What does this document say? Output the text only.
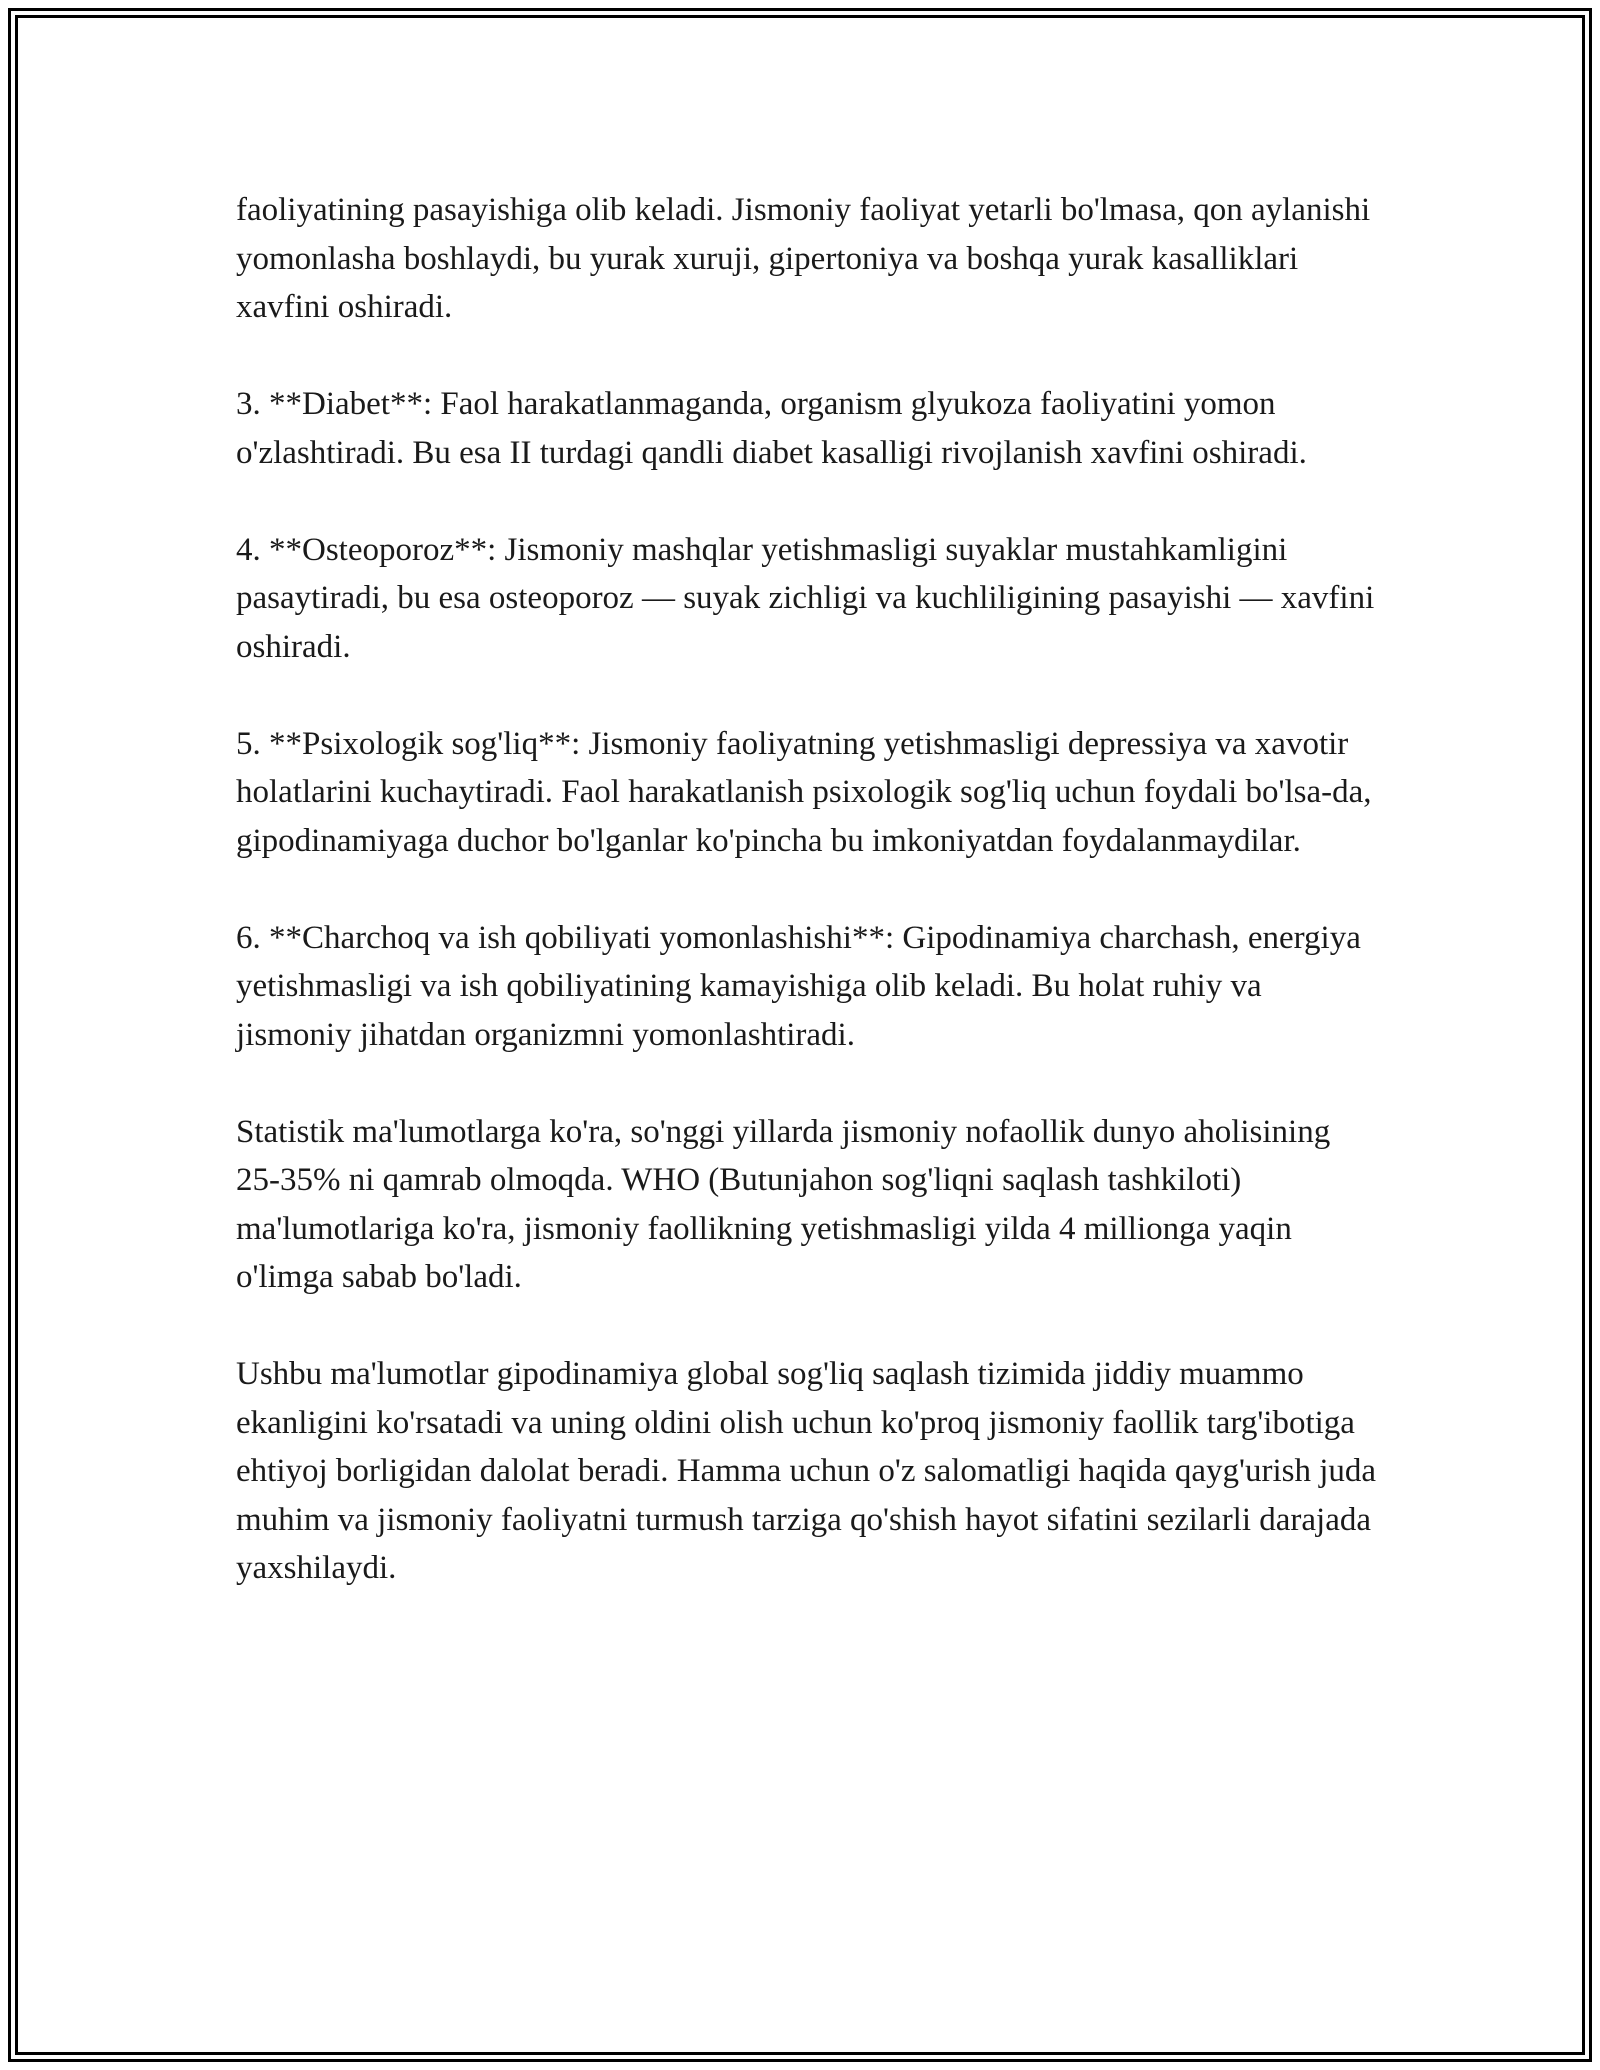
faoliyatining pasayishiga olib keladi. Jismoniy faoliyat yetarli bo'lmasa, qon aylanishi yomonlasha boshlaydi, bu yurak xuruji, gipertoniya va boshqa yurak kasalliklari xavfini oshiradi.

3. **Diabet**: Faol harakatlanmaganda, organism glyukoza faoliyatini yomon o'zlashtiradi. Bu esa II turdagi qandli diabet kasalligi rivojlanish xavfini oshiradi.

4. **Osteoporoz**: Jismoniy mashqlar yetishmasligi suyaklar mustahkamligini pasaytiradi, bu esa osteoporoz — suyak zichligi va kuchliligining pasayishi — xavfini oshiradi.

5. **Psixologik sog'liq**: Jismoniy faoliyatning yetishmasligi depressiya va xavotir holatlarini kuchaytiradi. Faol harakatlanish psixologik sog'liq uchun foydali bo'lsa-da, gipodinamiyaga duchor bo'lganlar ko'pincha bu imkoniyatdan foydalanmaydilar.

6. **Charchoq va ish qobiliyati yomonlashishi**: Gipodinamiya charchash, energiya yetishmasligi va ish qobiliyatining kamayishiga olib keladi. Bu holat ruhiy va jismoniy jihatdan organizmni yomonlashtiradi.

Statistik ma'lumotlarga ko'ra, so'nggi yillarda jismoniy nofaollik dunyo aholisining 25-35% ni qamrab olmoqda. WHO (Butunjahon sog'liqni saqlash tashkiloti) ma'lumotlariga ko'ra, jismoniy faollikning yetishmasligi yilda 4 millionga yaqin o'limga sabab bo'ladi.

Ushbu ma'lumotlar gipodinamiya global sog'liq saqlash tizimida jiddiy muammo ekanligini ko'rsatadi va uning oldini olish uchun ko'proq jismoniy faollik targ'ibotiga ehtiyoj borligidan dalolat beradi. Hamma uchun o'z salomatligi haqida qayg'urish juda muhim va jismoniy faoliyatni turmush tarziga qo'shish hayot sifatini sezilarli darajada yaxshilaydi.
